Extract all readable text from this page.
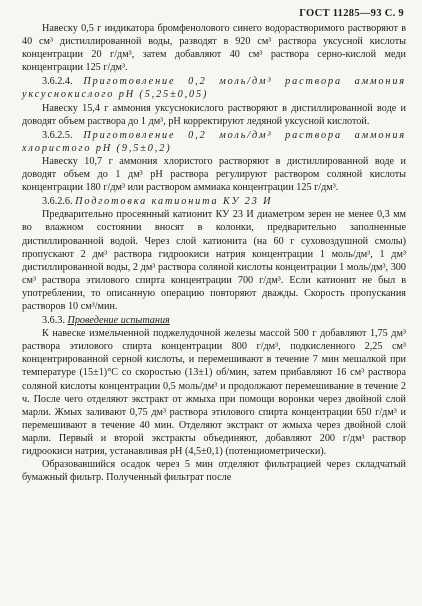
ГОСТ 11285—93 С. 9

Навеску 0,5 г индикатора бромфенолового синего водорастворимого растворяют в 40 см³ дистиллированной воды, разводят в 920 см³ раствора уксусной кислоты концентрации 20 г/дм³, затем добавляют 40 см³ раствора серно-кислой меди концентрации 125 г/дм³.

3.6.2.4. Приготовление 0,2 моль/дм³ раствора аммония уксуснокислого pH (5,25±0,05)

Навеску 15,4 г аммония уксуснокислого растворяют в дистиллированной воде и доводят объем раствора до 1 дм³, pH корректируют ледяной уксусной кислотой.

3.6.2.5. Приготовление 0,2 моль/дм³ раствора аммония хлористого pH (9,5±0,2)

Навеску 10,7 г аммония хлористого растворяют в дистиллированной воде и доводят объем до 1 дм³ pH раствора регулируют раствором соляной кислоты концентрации 180 г/дм³ или раствором аммиака концентрации 125 г/дм³.

3.6.2.6. Подготовка катионита КУ 23 И

Предварительно просеянный катионит КУ 23 И диаметром зерен не менее 0,3 мм во влажном состоянии вносят в колонки, предварительно заполненные дистиллированной водой. Через слой катионита (на 60 г суховоздушной смолы) пропускают 2 дм³ раствора гидроокиси натрия концентрации 1 моль/дм³, 1 дм³ дистиллированной воды, 2 дм³ раствора соляной кислоты концентрации 1 моль/дм³, 300 см³ раствора этилового спирта концентрации 700 г/дм³. Если катионит не был в употреблении, то описанную операцию повторяют дважды. Скорость пропускания растворов 10 см³/мин.

3.6.3. Проведение испытания

К навеске измельченной поджелудочной железы массой 500 г добавляют 1,75 дм³ раствора этилового спирта концентрации 800 г/дм³, подкисленного 2,25 см³ концентрированной серной кислоты, и перемешивают в течение 7 мин мешалкой при температуре (15±1)°С со скоростью (13±1) об/мин, затем прибавляют 16 см³ раствора соляной кислоты концентрации 0,5 моль/дм³ и продолжают перемешивание в течение 2 ч. После чего отделяют экстракт от жмыха при помощи воронки через двойной слой марли. Жмых заливают 0,75 дм³ раствора этилового спирта концентрации 650 г/дм³ и перемешивают в течение 40 мин. Отделяют экстракт от жмыха через двойной слой марли. Первый и второй экстракты объединяют, добавляют 200 г/дм³ раствор гидроокиси натрия, устанавливая pH (4,5±0,1) (потенциометрически).

Образовавшийся осадок через 5 мин отделяют фильтрацией через складчатый бумажный фильтр. Полученный фильтрат после
